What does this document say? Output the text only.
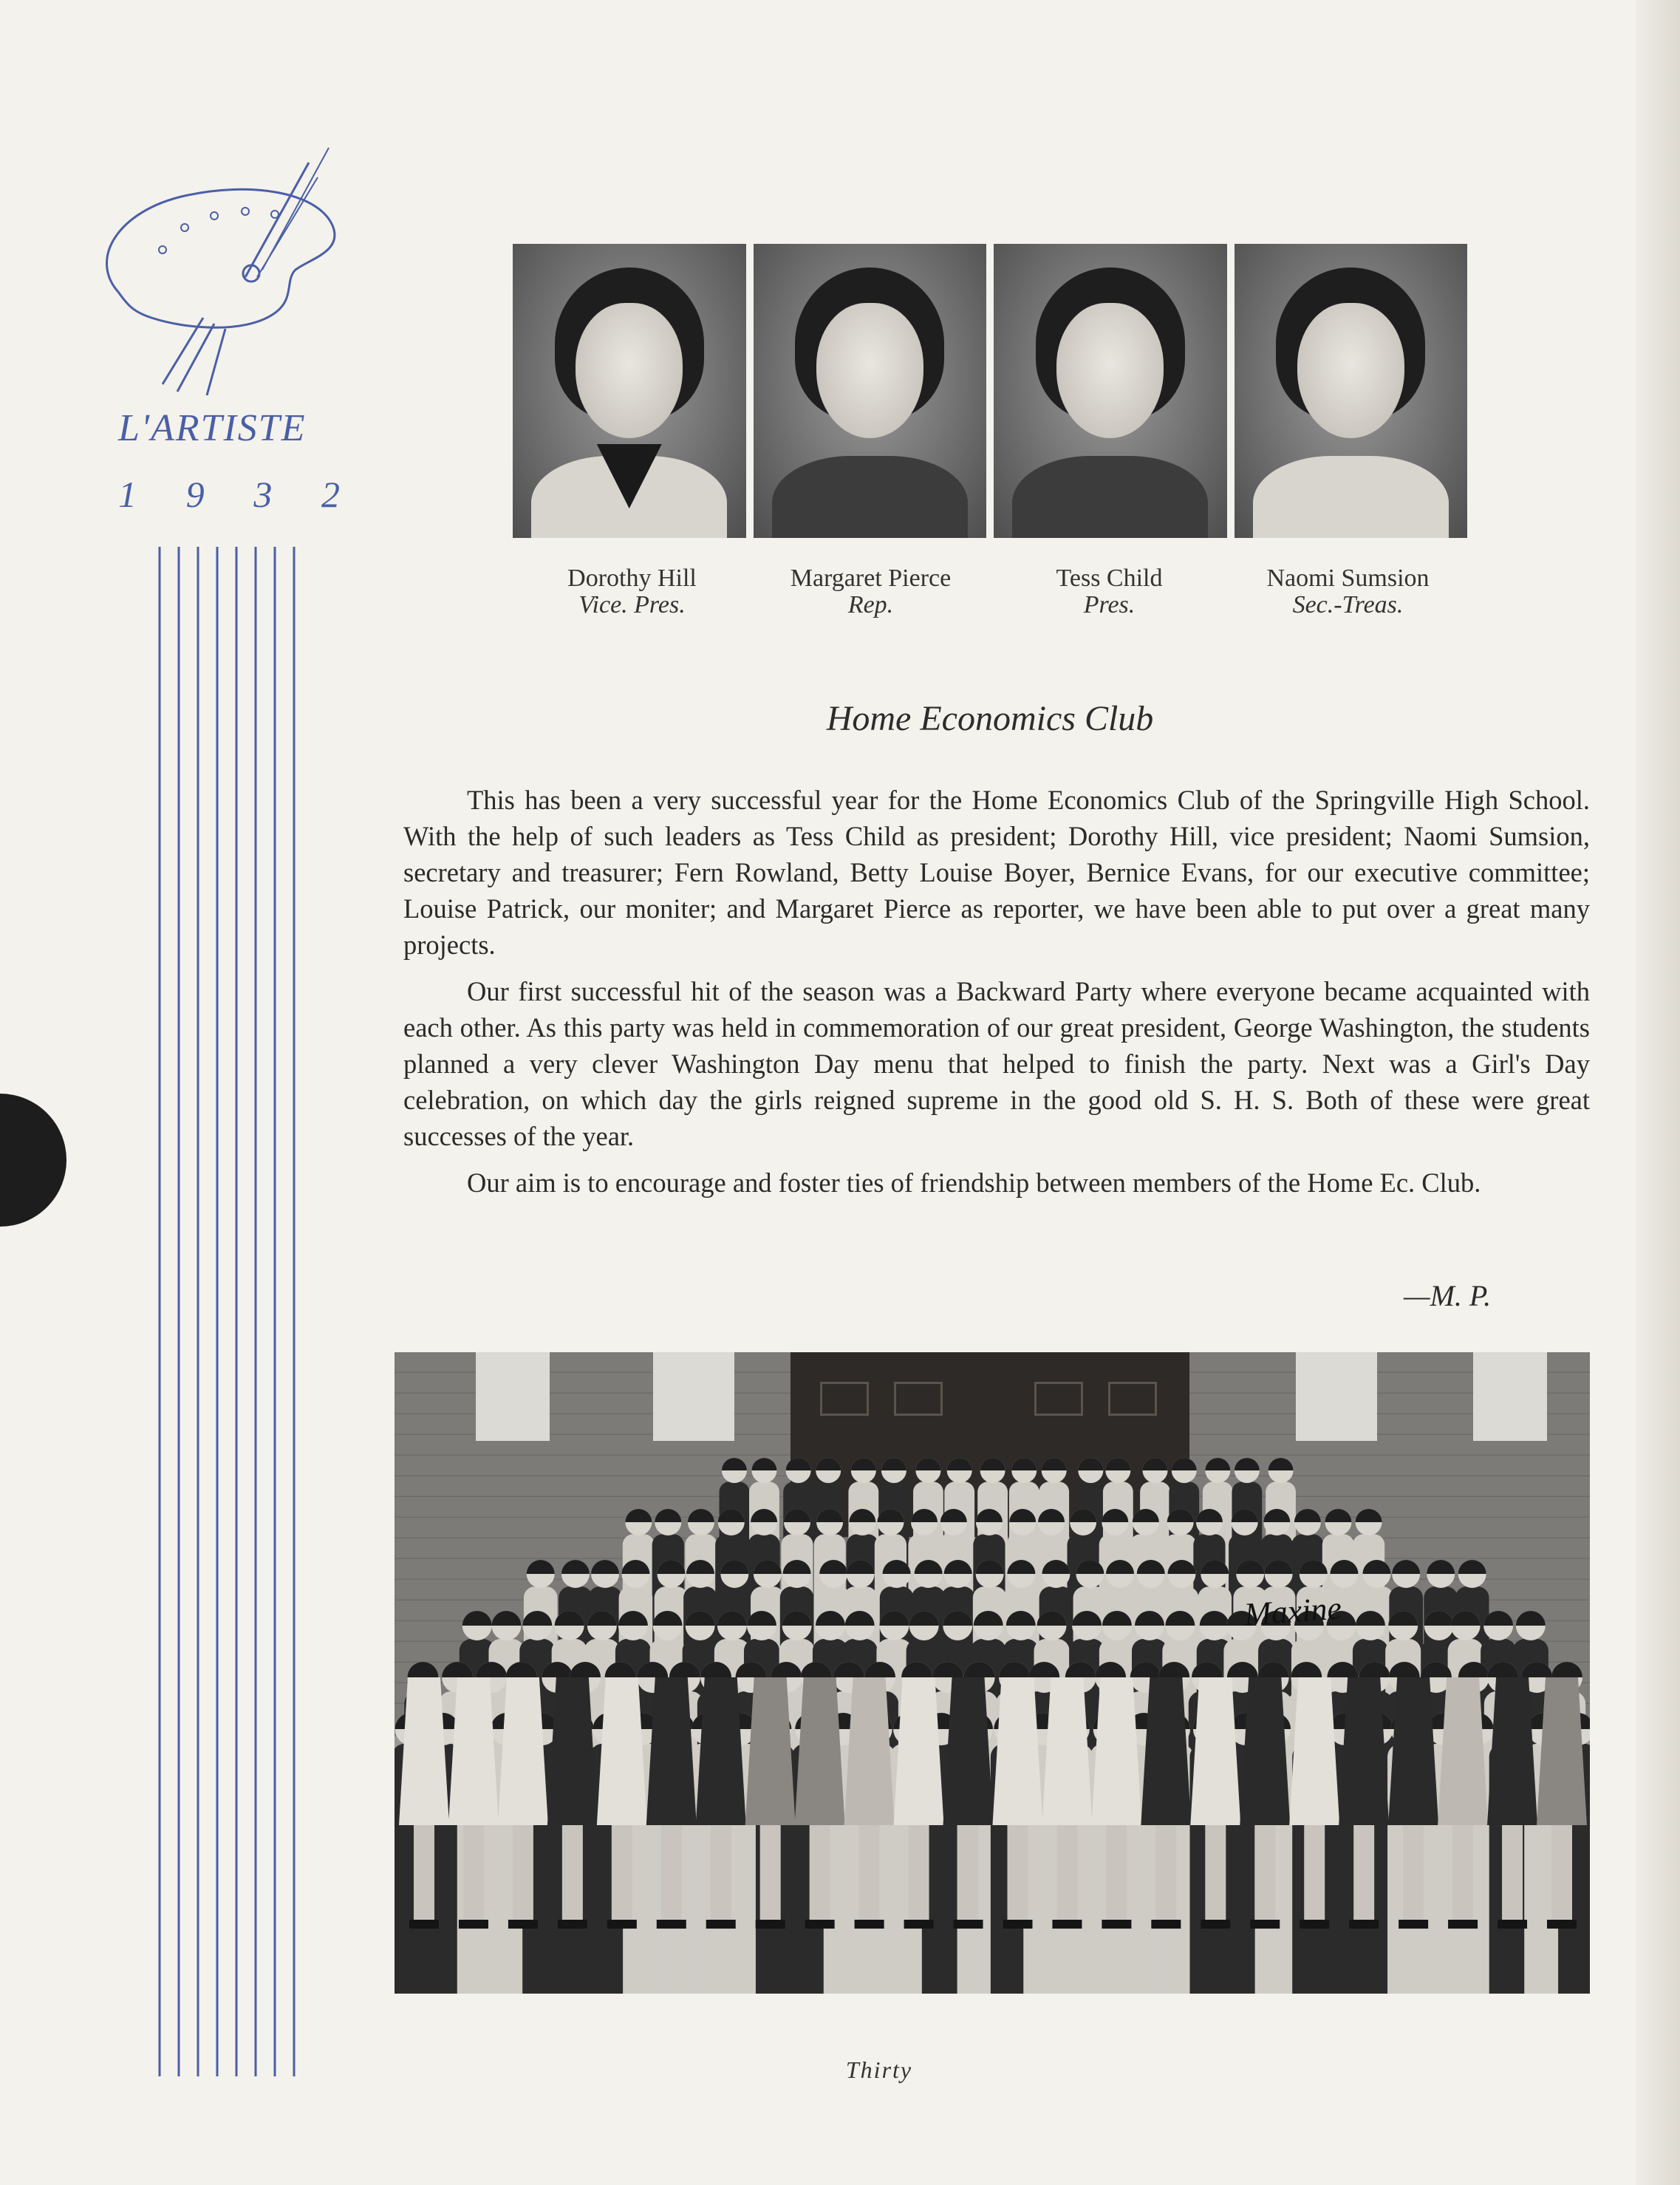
L'ARTISTE
1 9 3 2
Dorothy Hill
Vice. Pres.
Margaret Pierce
Rep.
Tess Child
Pres.
Naomi Sumsion
Sec.-Treas.
Home Economics Club

This has been a very successful year for the Home Economics Club of the Springville High School. With the help of such leaders as Tess Child as president; Dorothy Hill, vice president; Naomi Sumsion, secretary and treasurer; Fern Rowland, Betty Louise Boyer, Bernice Evans, for our executive committee; Louise Patrick, our moniter; and Margaret Pierce as reporter, we have been able to put over a great many projects.

Our first successful hit of the season was a Backward Party where everyone became acquainted with each other. As this party was held in commemoration of our great president, George Washington, the students planned a very clever Washington Day menu that helped to finish the party. Next was a Girl's Day celebration, on which day the girls reigned supreme in the good old S. H. S. Both of these were great successes of the year.

Our aim is to encourage and foster ties of friendship between members of the Home Ec. Club.

—M. P.
Maxine
Thirty
